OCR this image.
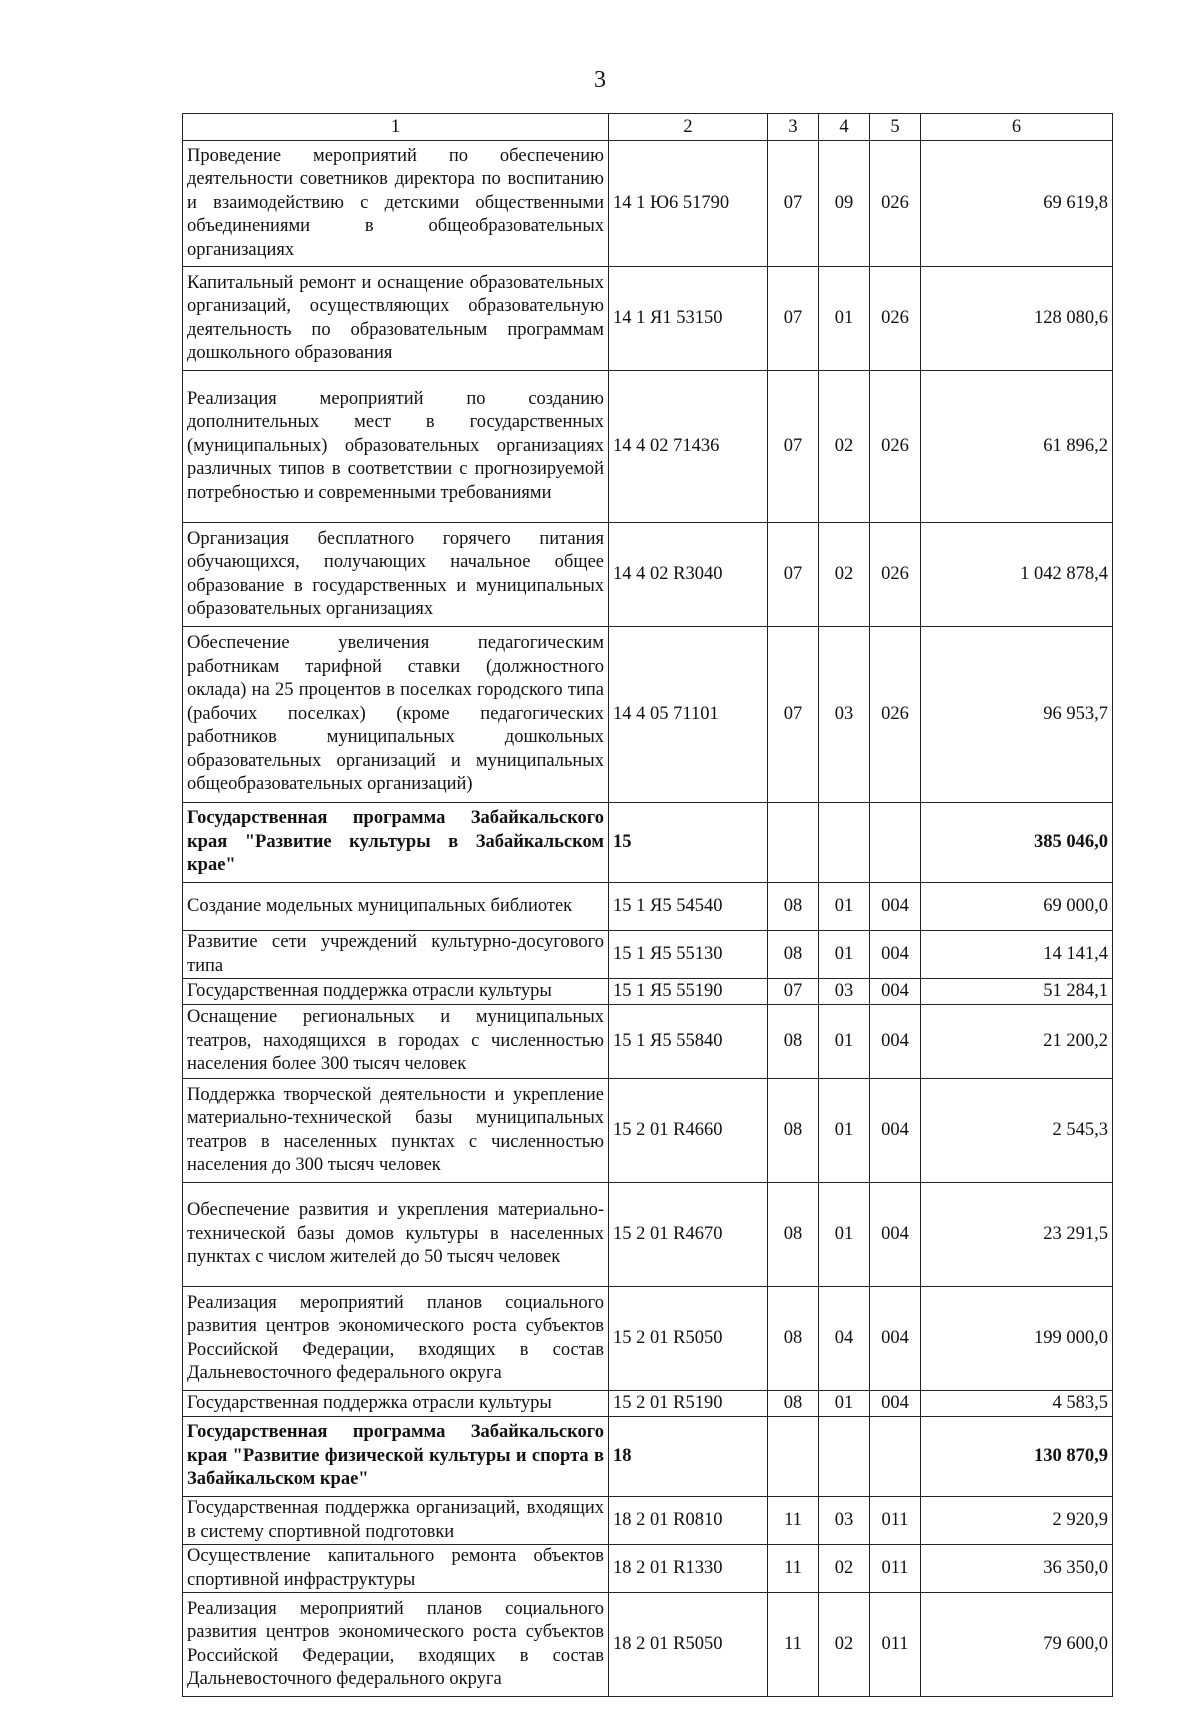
3
1	2	3	4	5	6
Проведение мероприятий по обеспечению деятельности советников директора по воспитанию и взаимодействию с детскими общественными объединениями в общеобразовательных организациях	14 1 Ю6 51790	07	09	026	69 619,8
Капитальный ремонт и оснащение образовательных организаций, осуществляющих образовательную деятельность по образовательным программам дошкольного образования	14 1 Я1 53150	07	01	026	128 080,6
Реализация мероприятий по созданию дополнительных мест в государственных (муниципальных) образовательных организациях различных типов в соответствии с прогнозируемой потребностью и современными требованиями	14 4 02 71436	07	02	026	61 896,2
Организация бесплатного горячего питания обучающихся, получающих начальное общее образование в государственных и муниципальных образовательных организациях	14 4 02 R3040	07	02	026	1 042 878,4
Обеспечение увеличения педагогическим работникам тарифной ставки (должностного оклада) на 25 процентов в поселках городского типа (рабочих поселках) (кроме педагогических работников муниципальных дошкольных образовательных организаций и муниципальных общеобразовательных организаций)	14 4 05 71101	07	03	026	96 953,7
Государственная программа Забайкальского края "Развитие культуры в Забайкальском крае"	15				385 046,0
Создание модельных муниципальных библиотек	15 1 Я5 54540	08	01	004	69 000,0
Развитие сети учреждений культурно-досугового типа	15 1 Я5 55130	08	01	004	14 141,4
Государственная поддержка отрасли культуры	15 1 Я5 55190	07	03	004	51 284,1
Оснащение региональных и муниципальных театров, находящихся в городах с численностью населения более 300 тысяч человек	15 1 Я5 55840	08	01	004	21 200,2
Поддержка творческой деятельности и укрепление материально-технической базы муниципальных театров в населенных пунктах с численностью населения до 300 тысяч человек	15 2 01 R4660	08	01	004	2 545,3
Обеспечение развития и укрепления материально-технической базы домов культуры в населенных пунктах с числом жителей до 50 тысяч человек	15 2 01 R4670	08	01	004	23 291,5
Реализация мероприятий планов социального развития центров экономического роста субъектов Российской Федерации, входящих в состав Дальневосточного федерального округа	15 2 01 R5050	08	04	004	199 000,0
Государственная поддержка отрасли культуры	15 2 01 R5190	08	01	004	4 583,5
Государственная программа Забайкальского края "Развитие физической культуры и спорта в Забайкальском крае"	18				130 870,9
Государственная поддержка организаций, входящих в систему спортивной подготовки	18 2 01 R0810	11	03	011	2 920,9
Осуществление капитального ремонта объектов спортивной инфраструктуры	18 2 01 R1330	11	02	011	36 350,0
Реализация мероприятий планов социального развития центров экономического роста субъектов Российской Федерации, входящих в состав Дальневосточного федерального округа	18 2 01 R5050	11	02	011	79 600,0
